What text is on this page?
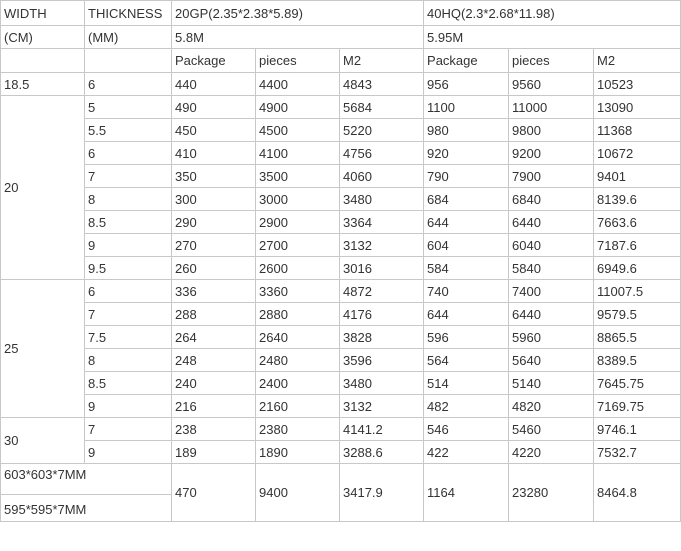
WIDTH	THICKNESS	20GP(2.35*2.38*5.89)			40HQ(2.3*2.68*11.98)		
(CM)	(MM)	5.8M			5.95M		
		Package	pieces	M2	Package	pieces	M2
18.5	6	440	4400	4843	956	9560	10523
20	5	490	4900	5684	1100	11000	13090
	5.5	450	4500	5220	980	9800	11368
	6	410	4100	4756	920	9200	10672
	7	350	3500	4060	790	7900	9401
	8	300	3000	3480	684	6840	8139.6
	8.5	290	2900	3364	644	6440	7663.6
	9	270	2700	3132	604	6040	7187.6
	9.5	260	2600	3016	584	5840	6949.6
25	6	336	3360	4872	740	7400	11007.5
	7	288	2880	4176	644	6440	9579.5
	7.5	264	2640	3828	596	5960	8865.5
	8	248	2480	3596	564	5640	8389.5
	8.5	240	2400	3480	514	5140	7645.75
	9	216	2160	3132	482	4820	7169.75
30	7	238	2380	4141.2	546	5460	9746.1
	9	189	1890	3288.6	422	4220	7532.7
603*603*7MM		470	9400	3417.9	1164	23280	8464.8
595*595*7MM							
